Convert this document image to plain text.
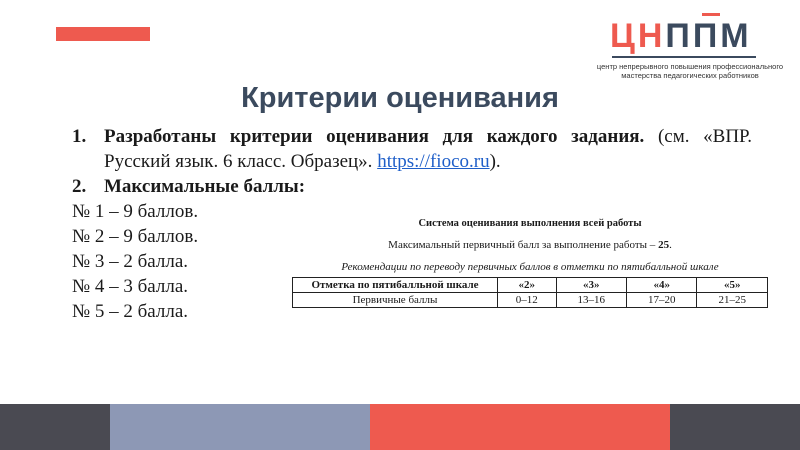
ЦНППМ
центр непрерывного повышения профессионального
мастерства педагогических работников
Критерии оценивания
1. Разработаны критерии оценивания для каждого задания. (см. «ВПР. Русский язык. 6 класс. Образец». https://fioco.ru).
2. Максимальные баллы:
№ 1 – 9 баллов.
№ 2 – 9 баллов.
№ 3 – 2 балла.
№ 4 – 3 балла.
№ 5 – 2 балла.
Система оценивания выполнения всей работы
Максимальный первичный балл за выполнение работы – 25.
Рекомендации по переводу первичных баллов в отметки по пятибалльной шкале
Отметка по пятибалльной шкале	«2»	«3»	«4»	«5»
Первичные баллы	0–12	13–16	17–20	21–25
